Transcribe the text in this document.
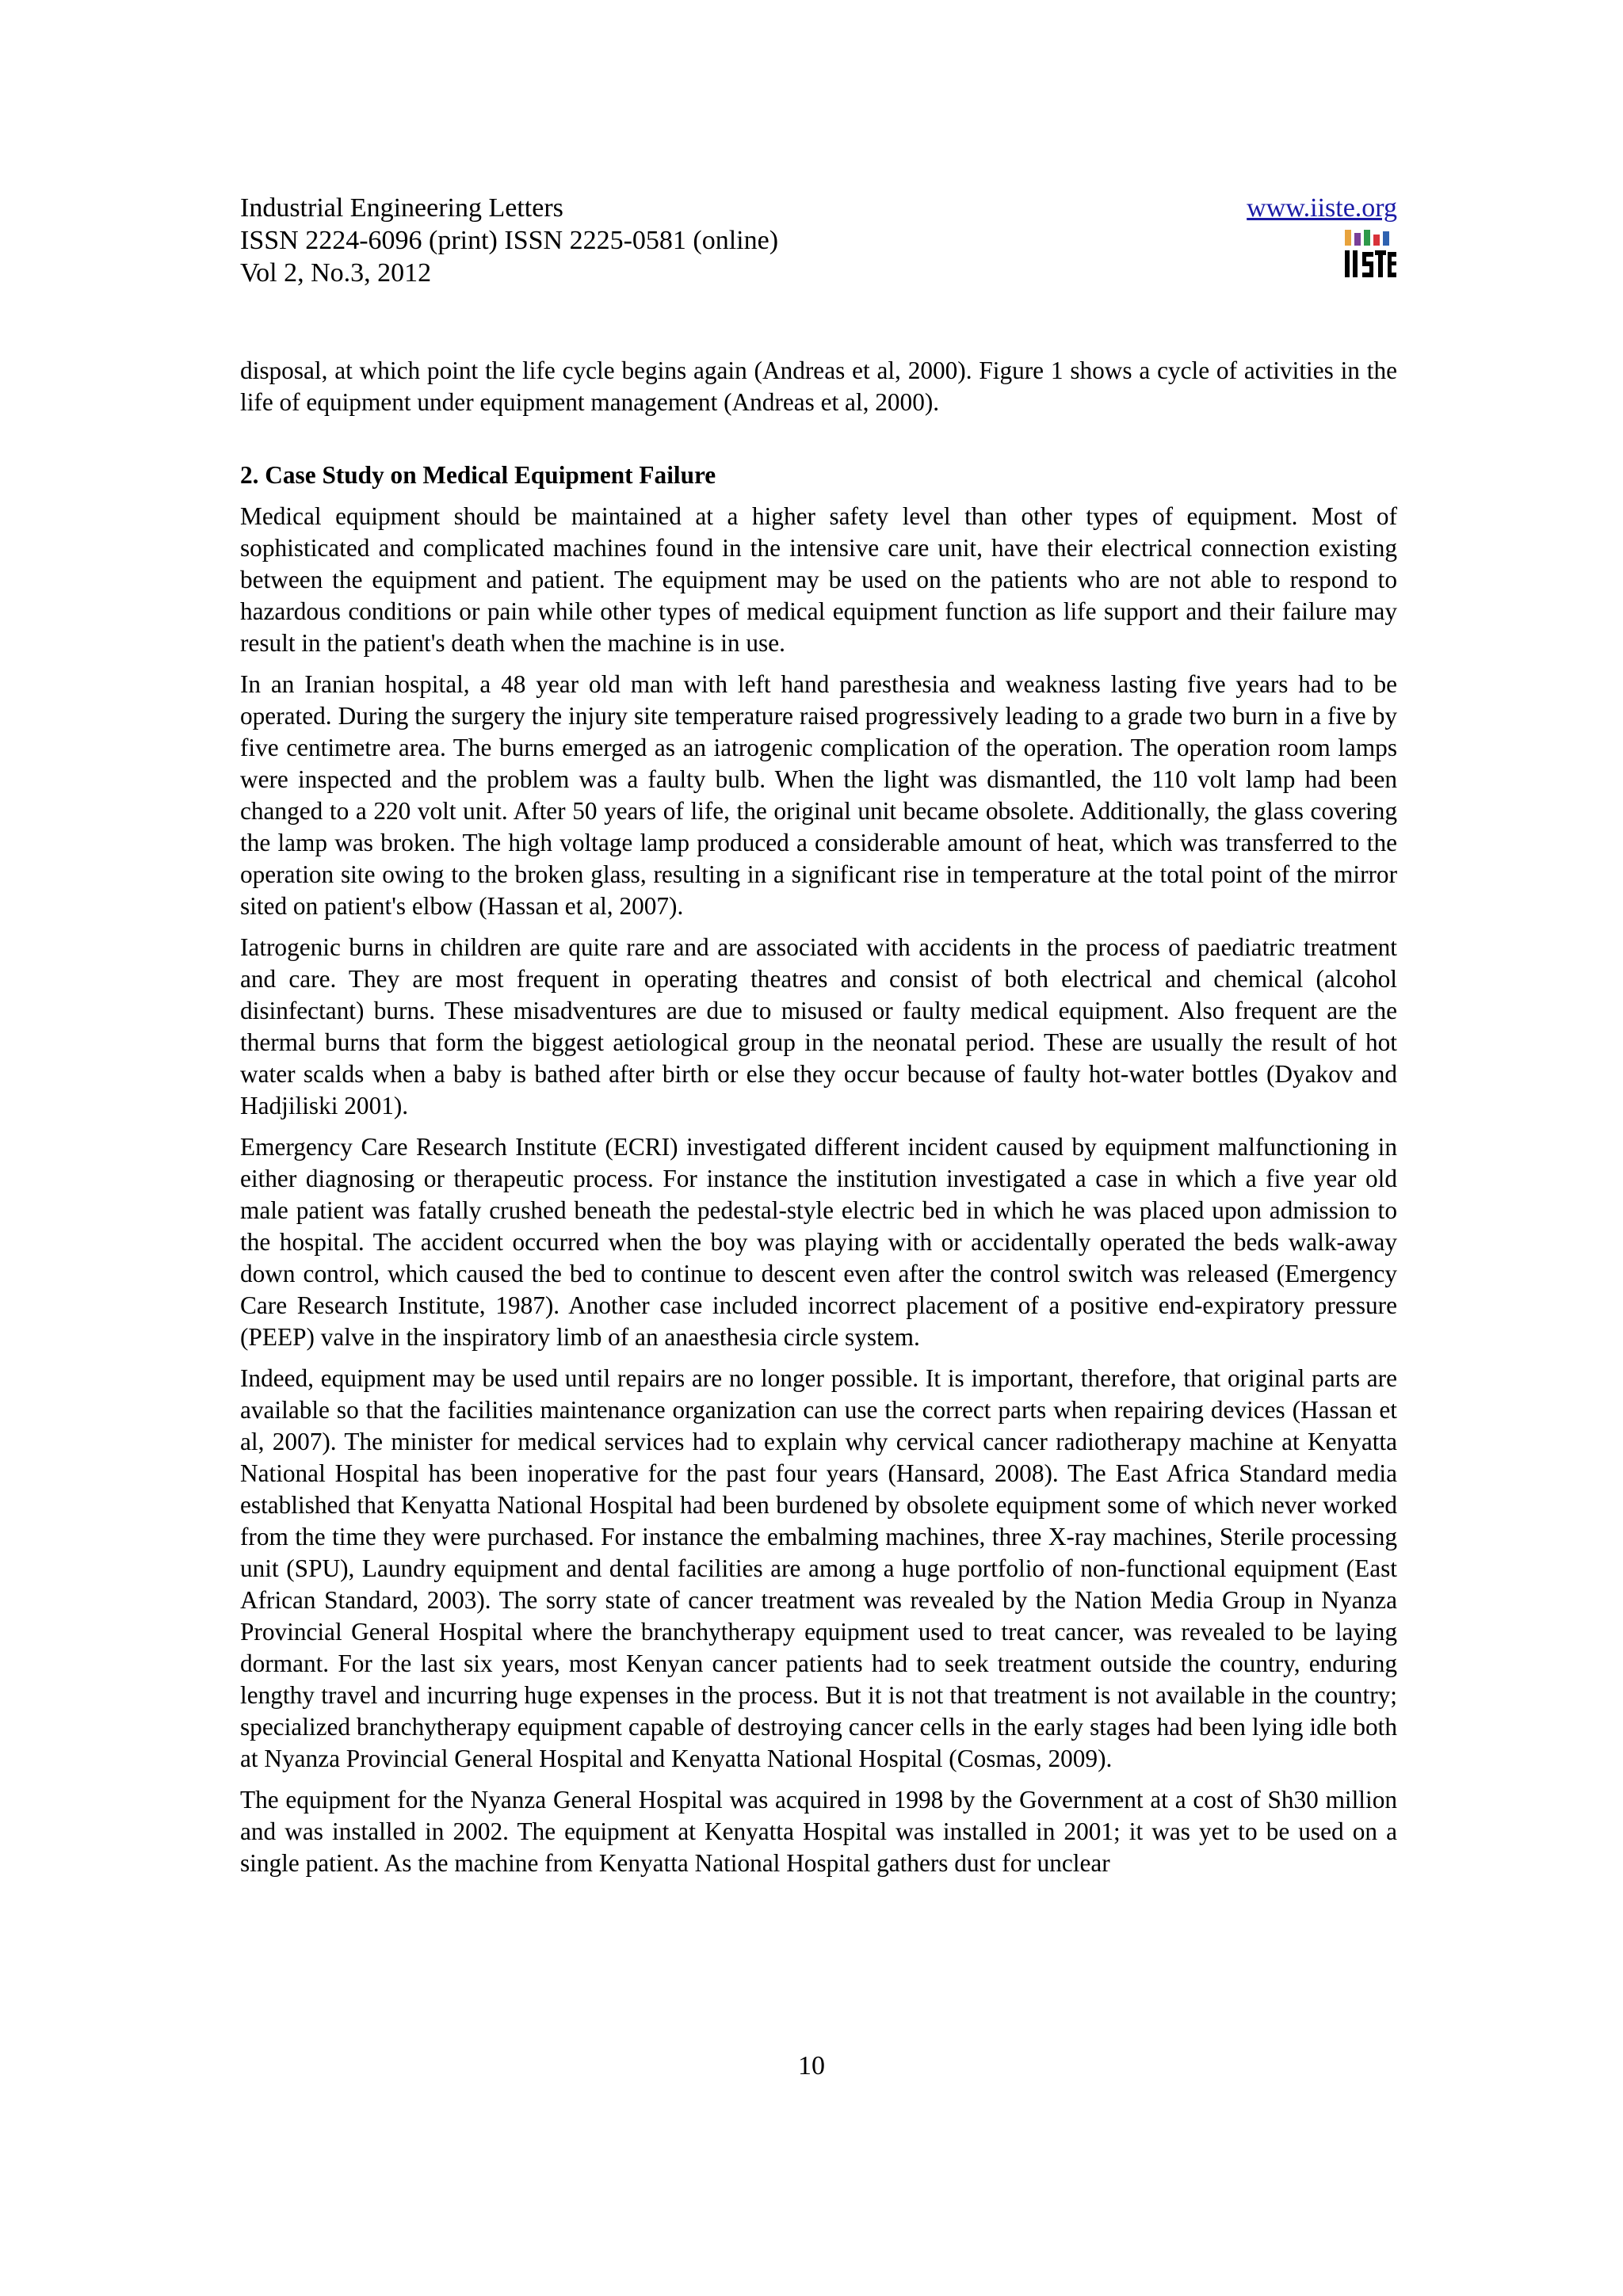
Industrial Engineering Letters
ISSN 2224-6096 (print) ISSN 2225-0581 (online)
Vol 2, No.3, 2012
www.iiste.org

disposal, at which point the life cycle begins again (Andreas et al, 2000). Figure 1 shows a cycle of activities in the life of equipment under equipment management (Andreas et al, 2000).

2. Case Study on Medical Equipment Failure

Medical equipment should be maintained at a higher safety level than other types of equipment. Most of sophisticated and complicated machines found in the intensive care unit, have their electrical connection existing between the equipment and patient. The equipment may be used on the patients who are not able to respond to hazardous conditions or pain while other types of medical equipment function as life support and their failure may result in the patient's death when the machine is in use.

In an Iranian hospital, a 48 year old man with left hand paresthesia and weakness lasting five years had to be operated. During the surgery the injury site temperature raised progressively leading to a grade two burn in a five by five centimetre area. The burns emerged as an iatrogenic complication of the operation. The operation room lamps were inspected and the problem was a faulty bulb. When the light was dismantled, the 110 volt lamp had been changed to a 220 volt unit. After 50 years of life, the original unit became obsolete. Additionally, the glass covering the lamp was broken. The high voltage lamp produced a considerable amount of heat, which was transferred to the operation site owing to the broken glass, resulting in a significant rise in temperature at the total point of the mirror sited on patient's elbow (Hassan et al, 2007).

Iatrogenic burns in children are quite rare and are associated with accidents in the process of paediatric treatment and care. They are most frequent in operating theatres and consist of both electrical and chemical (alcohol disinfectant) burns. These misadventures are due to misused or faulty medical equipment. Also frequent are the thermal burns that form the biggest aetiological group in the neonatal period. These are usually the result of hot water scalds when a baby is bathed after birth or else they occur because of faulty hot-water bottles (Dyakov and Hadjiliski 2001).

Emergency Care Research Institute (ECRI) investigated different incident caused by equipment malfunctioning in either diagnosing or therapeutic process. For instance the institution investigated a case in which a five year old male patient was fatally crushed beneath the pedestal-style electric bed in which he was placed upon admission to the hospital. The accident occurred when the boy was playing with or accidentally operated the beds walk-away down control, which caused the bed to continue to descent even after the control switch was released (Emergency Care Research Institute, 1987). Another case included incorrect placement of a positive end-expiratory pressure (PEEP) valve in the inspiratory limb of an anaesthesia circle system.

Indeed, equipment may be used until repairs are no longer possible. It is important, therefore, that original parts are available so that the facilities maintenance organization can use the correct parts when repairing devices (Hassan et al, 2007). The minister for medical services had to explain why cervical cancer radiotherapy machine at Kenyatta National Hospital has been inoperative for the past four years (Hansard, 2008). The East Africa Standard media established that Kenyatta National Hospital had been burdened by obsolete equipment some of which never worked from the time they were purchased. For instance the embalming machines, three X-ray machines, Sterile processing unit (SPU), Laundry equipment and dental facilities are among a huge portfolio of non-functional equipment (East African Standard, 2003). The sorry state of cancer treatment was revealed by the Nation Media Group in Nyanza Provincial General Hospital where the branchytherapy equipment used to treat cancer, was revealed to be laying dormant. For the last six years, most Kenyan cancer patients had to seek treatment outside the country, enduring lengthy travel and incurring huge expenses in the process. But it is not that treatment is not available in the country; specialized branchytherapy equipment capable of destroying cancer cells in the early stages had been lying idle both at Nyanza Provincial General Hospital and Kenyatta National Hospital (Cosmas, 2009).

The equipment for the Nyanza General Hospital was acquired in 1998 by the Government at a cost of Sh30 million and was installed in 2002. The equipment at Kenyatta Hospital was installed in 2001; it was yet to be used on a single patient. As the machine from Kenyatta National Hospital gathers dust for unclear

10
